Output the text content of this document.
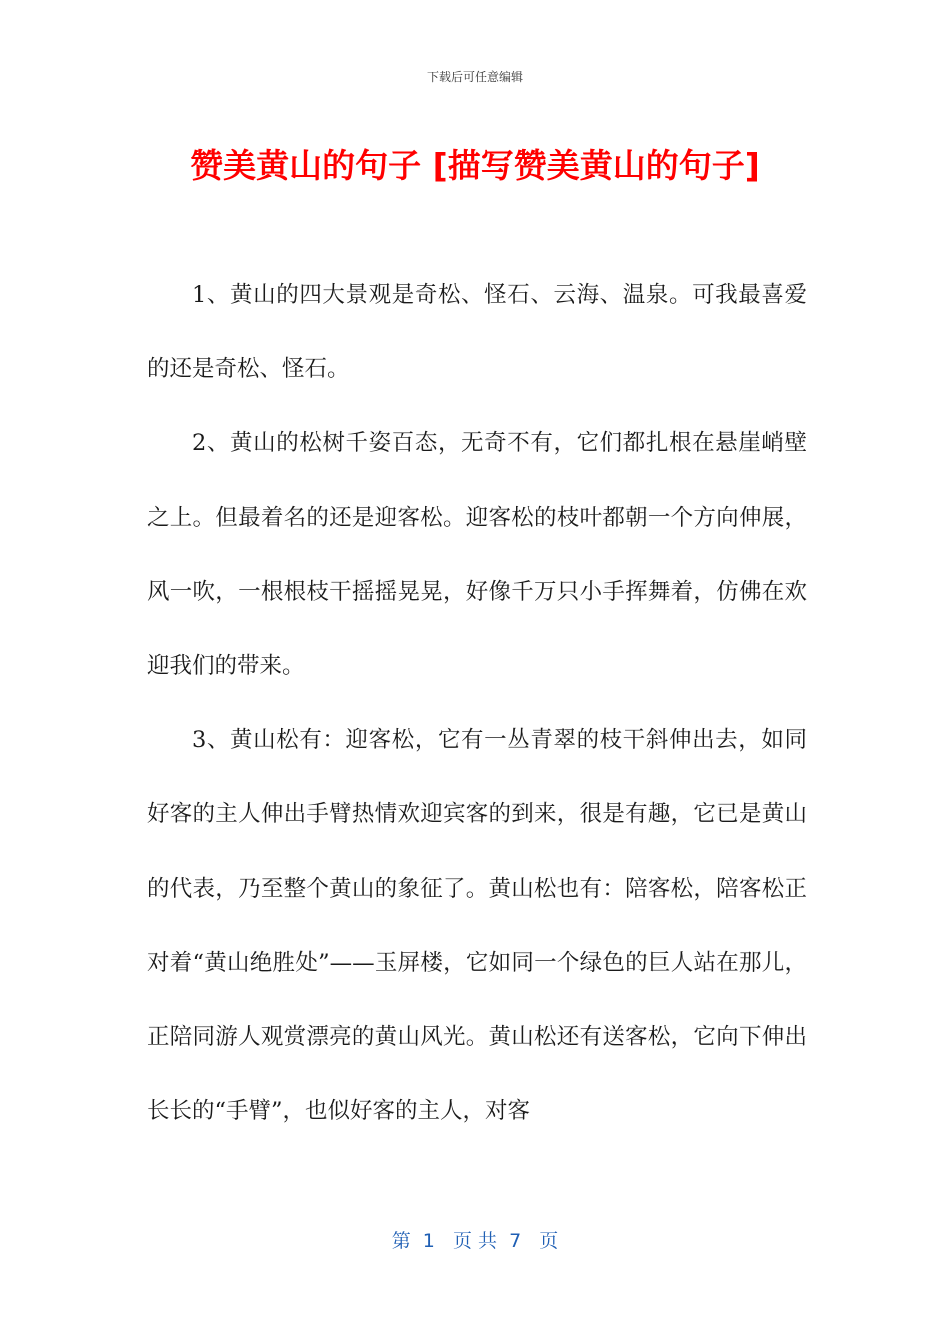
下载后可任意编辑
赞美黄山的句子 [描写赞美黄山的句子]

1、黄山的四大景观是奇松、怪石、云海、温泉。可我最喜爱的还是奇松、怪石。

2、黄山的松树千姿百态，无奇不有，它们都扎根在悬崖峭壁之上。但最着名的还是迎客松。迎客松的枝叶都朝一个方向伸展，风一吹，一根根枝干摇摇晃晃，好像千万只小手挥舞着，仿佛在欢迎我们的带来。

3、黄山松有：迎客松，它有一丛青翠的枝干斜伸出去，如同好客的主人伸出手臂热情欢迎宾客的到来，很是有趣，它已是黄山的代表，乃至整个黄山的象征了。黄山松也有：陪客松，陪客松正对着“黄山绝胜处”——玉屏楼，它如同一个绿色的巨人站在那儿，正陪同游人观赏漂亮的黄山风光。黄山松还有送客松，它向下伸出长长的“手臂”，也似好客的主人，对客

第  1   页 共  7   页
